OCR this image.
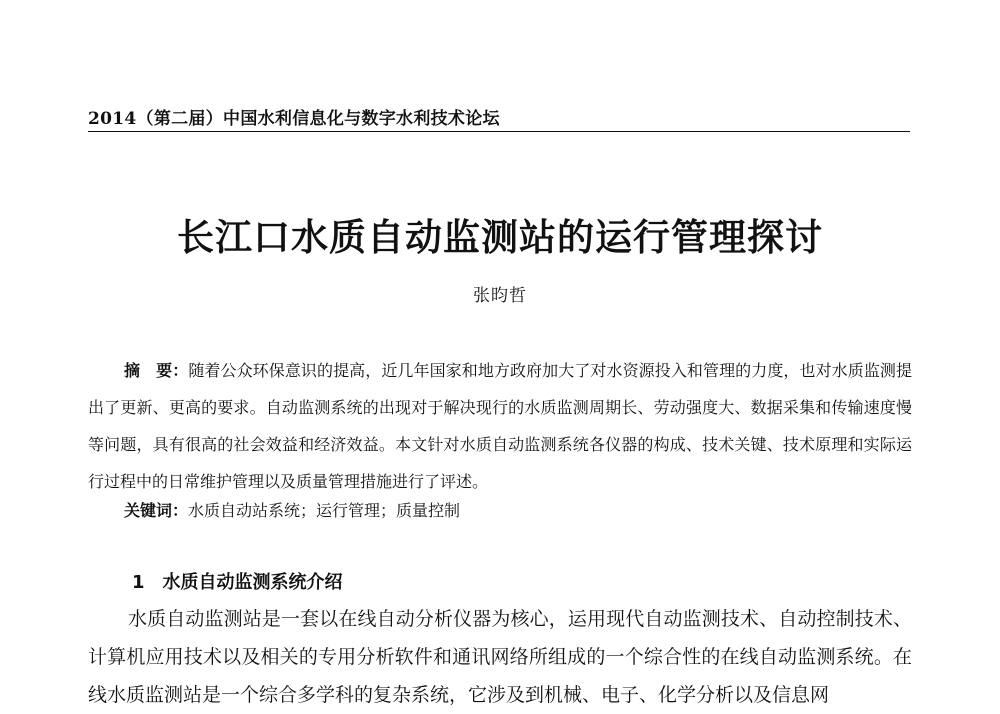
2014（第二届）中国水利信息化与数字水利技术论坛
长江口水质自动监测站的运行管理探讨
张昀哲

摘　要：随着公众环保意识的提高，近几年国家和地方政府加大了对水资源投入和管理的力度，也对水质监测提出了更新、更高的要求。自动监测系统的出现对于解决现行的水质监测周期长、劳动强度大、数据采集和传输速度慢等问题，具有很高的社会效益和经济效益。本文针对水质自动监测系统各仪器的构成、技术关键、技术原理和实际运行过程中的日常维护管理以及质量管理措施进行了评述。

关键词：水质自动站系统；运行管理；质量控制

1　水质自动监测系统介绍

水质自动监测站是一套以在线自动分析仪器为核心，运用现代自动监测技术、自动控制技术、计算机应用技术以及相关的专用分析软件和通讯网络所组成的一个综合性的在线自动监测系统。在线水质监测站是一个综合多学科的复杂系统，它涉及到机械、电子、化学分析以及信息网
